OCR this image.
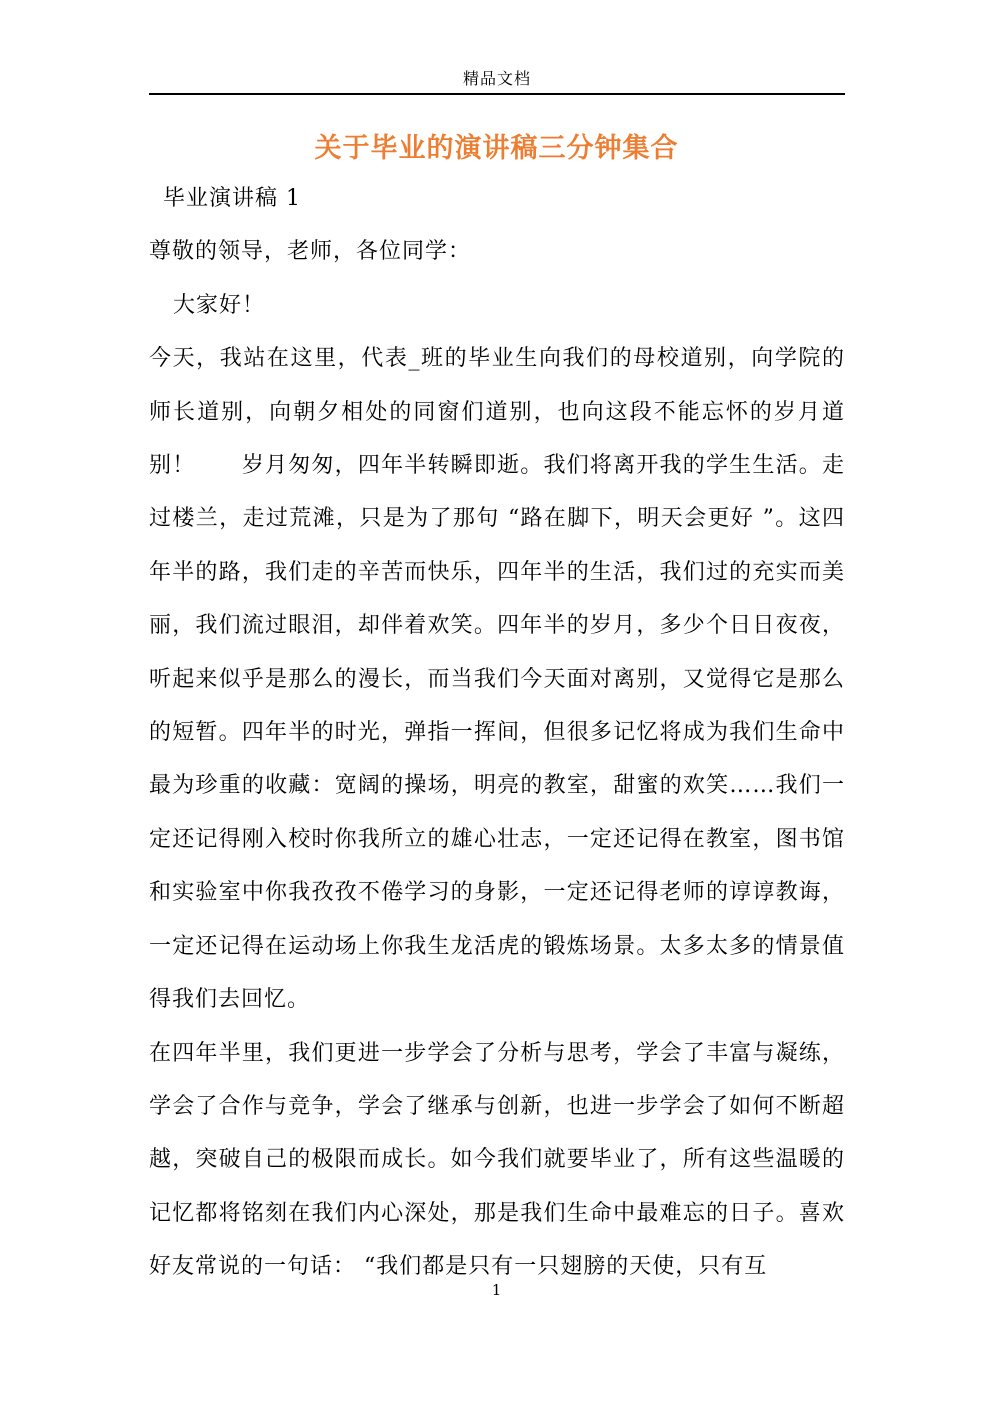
精品文档
关于毕业的演讲稿三分钟集合

毕业演讲稿 1

尊敬的领导，老师，各位同学：

大家好！

今天，我站在这里，代表_班的毕业生向我们的母校道别，向学院的师长道别，向朝夕相处的同窗们道别，也向这段不能忘怀的岁月道别！　　岁月匆匆，四年半转瞬即逝。我们将离开我的学生生活。走过楼兰，走过荒滩，只是为了那句 “路在脚下，明天会更好 ”。这四年半的路，我们走的辛苦而快乐，四年半的生活，我们过的充实而美丽，我们流过眼泪，却伴着欢笑。四年半的岁月，多少个日日夜夜，听起来似乎是那么的漫长，而当我们今天面对离别，又觉得它是那么的短暂。四年半的时光，弹指一挥间，但很多记忆将成为我们生命中最为珍重的收藏：宽阔的操场，明亮的教室，甜蜜的欢笑……我们一定还记得刚入校时你我所立的雄心壮志，一定还记得在教室，图书馆和实验室中你我孜孜不倦学习的身影，一定还记得老师的谆谆教诲，一定还记得在运动场上你我生龙活虎的锻炼场景。太多太多的情景值得我们去回忆。

在四年半里，我们更进一步学会了分析与思考，学会了丰富与凝练，学会了合作与竞争，学会了继承与创新，也进一步学会了如何不断超越，突破自己的极限而成长。如今我们就要毕业了，所有这些温暖的记忆都将铭刻在我们内心深处，那是我们生命中最难忘的日子。喜欢好友常说的一句话： “我们都是只有一只翅膀的天使，只有互

1
